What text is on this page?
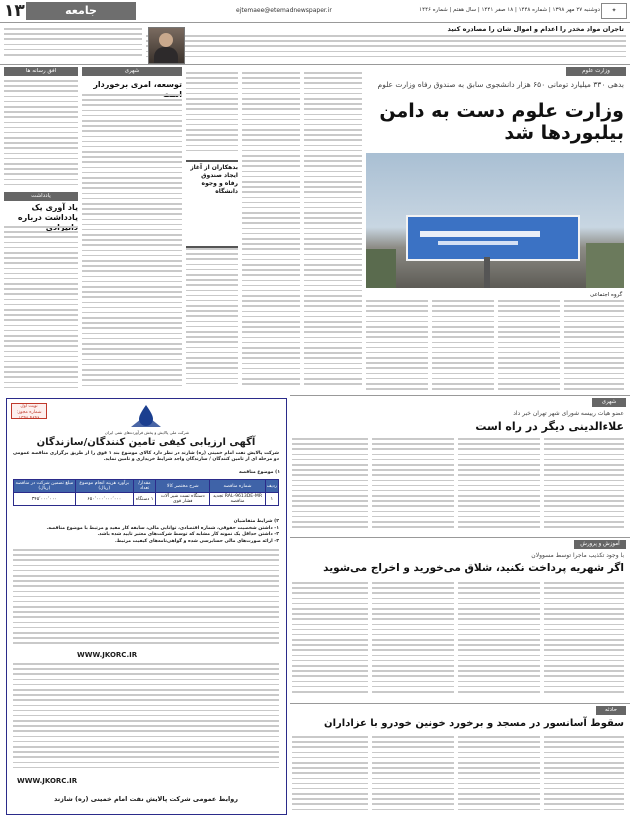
۱۳	جامعه	ejtemaee@etemadnewspaper.ir	دوشنبه ۲۷ مهر ۱۳۹۸ | شماره ۱۴۴۸ | ۱۸ صفر ۱۴۴۱ | سال هفتم | شماره ۱۴۴۶	✦
تاجران مواد مخدر را اعدام و اموال شان را مصادره کنید
افق رسانه ها
یادداشت
یاد آوری یک یادداشت درباره
شهری
توسعه، امری برخوردار
بدهکاران از آغاز ایجاد صندوق رفاه و وجوه دانشگاه
وزارت علوم
بدهی ۳۳۰ میلیارد تومانی ۶۵۰ هزار دانشجوی سابق به صندوق رفاه وزارت علوم
وزارت علوم دست به دامن بیلبوردها شد
گروه اجتماعی
شهری
عضو هیات رییسه شورای شهر تهران خبر داد
علاءالدینی دیگر در راه است
آموزش و پرورش
با وجود تکذیب ماجرا توسط مسوولان
اگر شهریه پرداخت نکنید، شلاق می‌خورید و اخراج می‌شوید
حادثه
سقوط آسانسور در مسجد و برخورد خونین خودرو با عزاداران
نوبت اول
شماره مجوز: ۱۳۹۸.۴۸۹۶
شرکت ملی پالایش و پخش فرآورده‌های نفتی ایران
آگهی ارزیابی کیفی تامین کنندگان/سازندگان
شرکت پالایش نفت امام خمینی (ره) شازند در نظر دارد کالای موضوع بند ۱ فوق را از طریق برگزاری مناقصه عمومی دو مرحله ای از تامین کنندگان / سازندگان واجد شرایط خریداری و تامین نماید.
۱) موضوع مناقصه
ردیف	شماره مناقصه	شرح مختصر کالا	مقدار/تعداد	برآورد هزینه انجام موضوع (ریال)	مبلغ تضمین شرکت در مناقصه (ریال)
۱	RAL-9613DE-MR تجدید مناقصه	دستگاه تست شیر آلات فشار قوی	۱ دستگاه	۶۵۰٬۰۰۰٬۰۰۰٬۰۰۰	۳۴۵٬۰۰۰٬۰۰۰
۲) شرایط متقاضیان
۱- داشتن شخصیت حقوقی، شماره اقتصادی، توانایی مالی، سابقه کار مفید و مرتبط با موضوع مناقصه.
۲- داشتن حداقل یک نمونه کار مشابه که توسط شرکت‌های معتبر تایید شده باشد.
۳- ارائه صورت‌های مالی حسابرسی شده و گواهی‌نامه‌های کیفیت مرتبط.
WWW.JKORC.IR
WWW.JKORC.IR
روابط عمومی شرکت پالایش نفت امام خمینی (ره) شازند
